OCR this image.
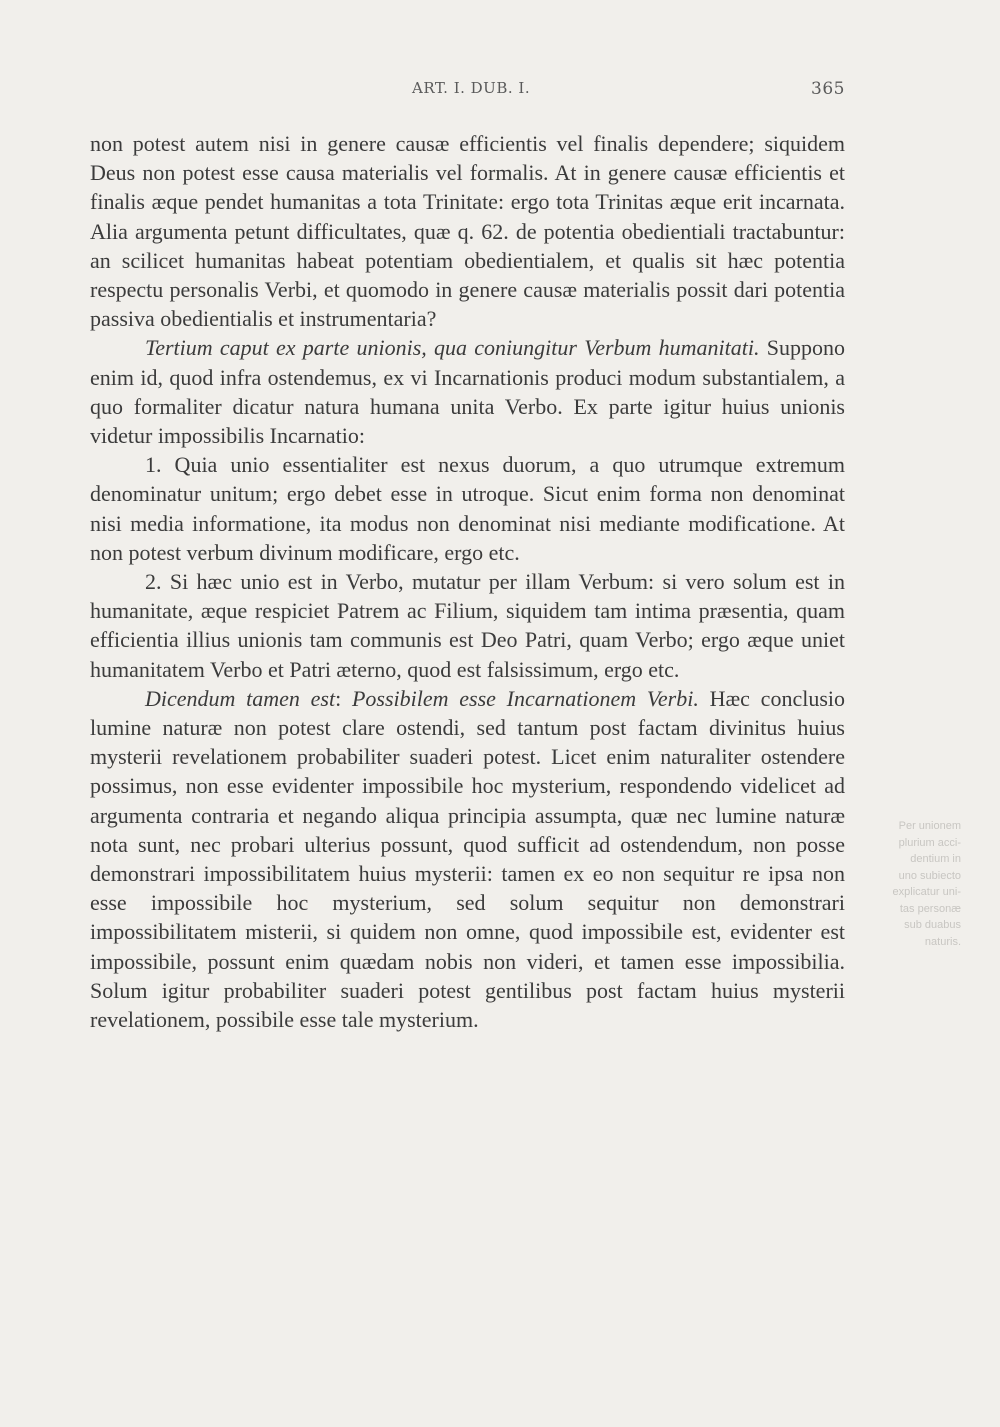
ART. I. DUB. I.	365

non potest autem nisi in genere causæ efficientis vel finalis dependere; siquidem Deus non potest esse causa materialis vel formalis. At in genere causæ efficientis et finalis æque pendet humanitas a tota Trinitate: ergo tota Trinitas æque erit incarnata. Alia argumenta petunt difficultates, quæ q. 62. de potentia obedientiali tractabuntur: an scilicet humanitas habeat potentiam obedientialem, et qualis sit hæc potentia respectu personalis Verbi, et quomodo in genere causæ materialis possit dari potentia passiva obedientialis et instrumentaria?

Tertium caput ex parte unionis, qua coniungitur Verbum humanitati. Suppono enim id, quod infra ostendemus, ex vi Incarnationis produci modum substantialem, a quo formaliter dicatur natura humana unita Verbo. Ex parte igitur huius unionis videtur impossibilis Incarnatio:

1. Quia unio essentialiter est nexus duorum, a quo utrumque extremum denominatur unitum; ergo debet esse in utroque. Sicut enim forma non denominat nisi media informatione, ita modus non denominat nisi mediante modificatione. At non potest verbum divinum modificare, ergo etc.

2. Si hæc unio est in Verbo, mutatur per illam Verbum: si vero solum est in humanitate, æque respiciet Patrem ac Filium, siquidem tam intima præsentia, quam efficientia illius unionis tam communis est Deo Patri, quam Verbo; ergo æque uniet humanitatem Verbo et Patri æterno, quod est falsissimum, ergo etc.

Dicendum tamen est: Possibilem esse Incarnationem Verbi. Hæc conclusio lumine naturæ non potest clare ostendi, sed tantum post factam divinitus huius mysterii revelationem probabiliter suaderi potest. Licet enim naturaliter ostendere possimus, non esse evidenter impossibile hoc mysterium, respondendo videlicet ad argumenta contraria et negando aliqua principia assumpta, quæ nec lumine naturæ nota sunt, nec probari ulterius possunt, quod sufficit ad ostendendum, non posse demonstrari impossibilitatem huius mysterii: tamen ex eo non sequitur re ipsa non esse impossibile hoc mysterium, sed solum sequitur non demonstrari impossibilitatem misterii, si quidem non omne, quod impossibile est, evidenter est impossibile, possunt enim quædam nobis non videri, et tamen esse impossibilia. Solum igitur probabiliter suaderi potest gentilibus post factam huius mysterii revelationem, possibile esse tale mysterium.

Per unionem
plurium acci-
dentium in
uno subiecto
explicatur uni-
tas personæ
sub duabus
naturis.
